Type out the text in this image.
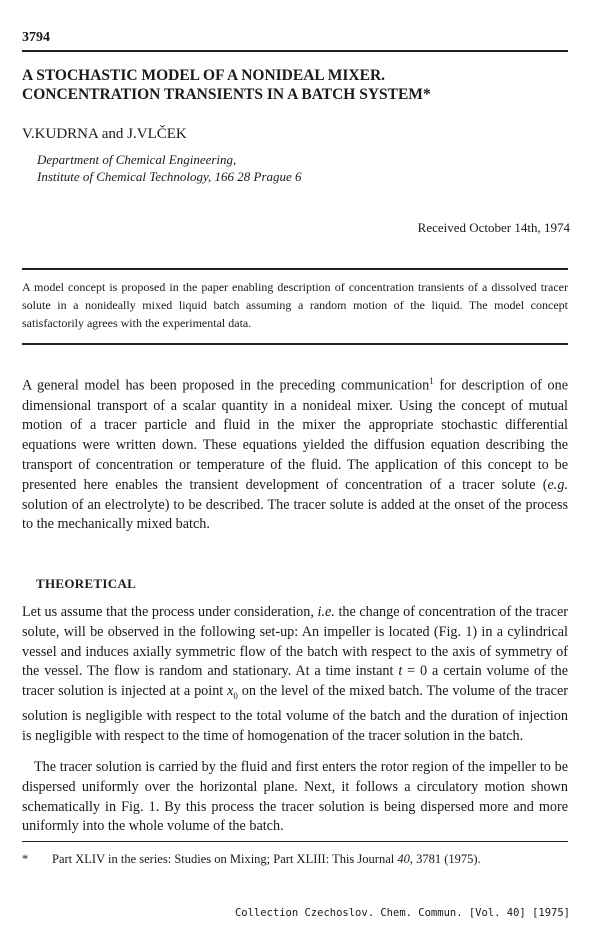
3794
A STOCHASTIC MODEL OF A NONIDEAL MIXER.
CONCENTRATION TRANSIENTS IN A BATCH SYSTEM*
V.KUDRNA and J.VLČEK
Department of Chemical Engineering,
Institute of Chemical Technology, 166 28 Prague 6
Received October 14th, 1974
A model concept is proposed in the paper enabling description of concentration transients of a dissolved tracer solute in a nonideally mixed liquid batch assuming a random motion of the liquid. The model concept satisfactorily agrees with the experimental data.

A general model has been proposed in the preceding communication$^1$ for description of one dimensional transport of a scalar quantity in a nonideal mixer. Using the concept of mutual motion of a tracer particle and fluid in the mixer the appropriate stochastic differential equations were written down. These equations yielded the diffusion equation describing the transport of concentration or temperature of the fluid. The application of this concept to be presented here enables the transient development of concentration of a tracer solute (e.g. solution of an electrolyte) to be described. The tracer solute is added at the onset of the process to the mechanically mixed batch.

THEORETICAL

Let us assume that the process under consideration, i.e. the change of concentration of the tracer solute, will be observed in the following set-up: An impeller is located (Fig. 1) in a cylindrical vessel and induces axially symmetric flow of the batch with respect to the axis of symmetry of the vessel. The flow is random and stationary. At a time instant t = 0 a certain volume of the tracer solution is injected at a point $x_0$ on the level of the mixed batch. The volume of the tracer solution is negligible with respect to the total volume of the batch and the duration of injection is negligible with respect to the time of homogenation of the tracer solution in the batch.

The tracer solution is carried by the fluid and first enters the rotor region of the impeller to be dispersed uniformly over the horizontal plane. Next, it follows a circulatory motion shown schematically in Fig. 1. By this process the tracer solution is being dispersed more and more uniformly into the whole volume of the batch.

* Part XLIV in the series: Studies on Mixing; Part XLIII: This Journal 40, 3781 (1975).
Collection Czechoslov. Chem. Commun. [Vol. 40] [1975]
